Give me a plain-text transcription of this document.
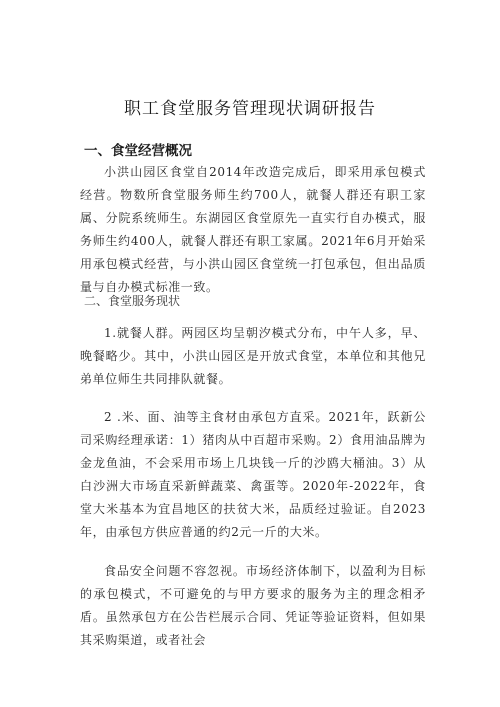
职工食堂服务管理现状调研报告
一、食堂经营概况

小洪山园区食堂自2014年改造完成后，即采用承包模式经营。物数所食堂服务师生约700人，就餐人群还有职工家属、分院系统师生。东湖园区食堂原先一直实行自办模式，服务师生约400人，就餐人群还有职工家属。2021年6月开始采用承包模式经营，与小洪山园区食堂统一打包承包，但出品质量与自办模式标准一致。

二、食堂服务现状

1.就餐人群。两园区均呈朝汐模式分布，中午人多，早、晚餐略少。其中，小洪山园区是开放式食堂，本单位和其他兄弟单位师生共同排队就餐。

2 .米、面、油等主食材由承包方直采。2021年，跃新公司采购经理承诺：1）猪肉从中百超市采购。2）食用油品牌为金龙鱼油，不会采用市场上几块钱一斤的沙鸥大桶油。3）从白沙洲大市场直采新鲜蔬菜、禽蛋等。2020年-2022年，食堂大米基本为宜昌地区的扶贫大米，品质经过验证。自2023年，由承包方供应普通的约2元一斤的大米。

食品安全问题不容忽视。市场经济体制下，以盈利为目标的承包模式，不可避免的与甲方要求的服务为主的理念相矛盾。虽然承包方在公告栏展示合同、凭证等验证资料，但如果其采购渠道，或者社会
